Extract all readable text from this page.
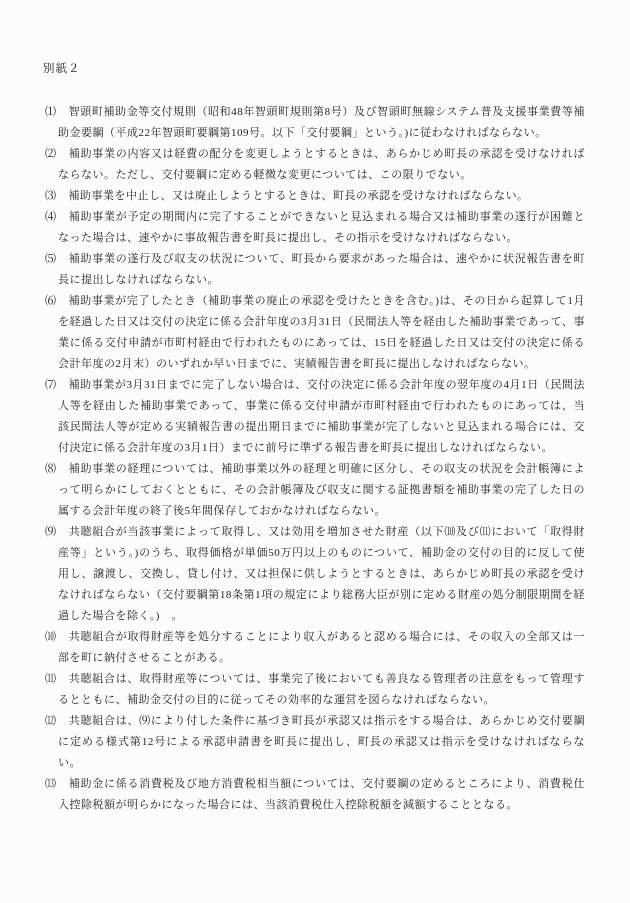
別紙２

⑴ 智頭町補助金等交付規則（昭和48年智頭町規則第8号）及び智頭町無線システム普及支援事業費等補助金要綱（平成22年智頭町要綱第109号。以下「交付要綱」という。)に従わなければならない。

⑵ 補助事業の内容又は経費の配分を変更しようとするときは、あらかじめ町長の承認を受けなければならない。ただし、交付要綱に定める軽微な変更については、この限りでない。

⑶ 補助事業を中止し、又は廃止しようとするときは、町長の承認を受けなければならない。

⑷ 補助事業が予定の期間内に完了することができないと見込まれる場合又は補助事業の遂行が困難となった場合は、速やかに事故報告書を町長に提出し、その指示を受けなければならない。

⑸ 補助事業の遂行及び収支の状況について、町長から要求があった場合は、速やかに状況報告書を町長に提出しなければならない。

⑹ 補助事業が完了したとき（補助事業の廃止の承認を受けたときを含む。)は、その日から起算して1月を経過した日又は交付の決定に係る会計年度の3月31日（民間法人等を経由した補助事業であって、事業に係る交付申請が市町村経由で行われたものにあっては、15日を経過した日又は交付の決定に係る会計年度の2月末）のいずれか早い日までに、実績報告書を町長に提出しなければならない。

⑺ 補助事業が3月31日までに完了しない場合は、交付の決定に係る会計年度の翌年度の4月1日（民間法人等を経由した補助事業であって、事業に係る交付申請が市町村経由で行われたものにあっては、当該民間法人等が定める実績報告書の提出期日までに補助事業が完了しないと見込まれる場合には、交付決定に係る会計年度の3月1日）までに前号に準ずる報告書を町長に提出しなければならない。

⑻ 補助事業の経理については、補助事業以外の経理と明確に区分し、その収支の状況を会計帳簿によって明らかにしておくとともに、その会計帳簿及び収支に関する証拠書類を補助事業の完了した日の属する会計年度の終了後5年間保存しておかなければならない。

⑼ 共聴組合が当該事業によって取得し、又は効用を増加させた財産（以下⑽及び⑾において「取得財産等」という。)のうち、取得価格が単価50万円以上のものについて、補助金の交付の目的に反して使用し、譲渡し、交換し、貸し付け、又は担保に供しようとするときは、あらかじめ町長の承認を受けなければならない（交付要綱第18条第1項の規定により総務大臣が別に定める財産の処分制限期間を経過した場合を除く。)　。

⑽ 共聴組合が取得財産等を処分することにより収入があると認める場合には、その収入の全部又は一部を町に納付させることがある。

⑾ 共聴組合は、取得財産等については、事業完了後においても善良なる管理者の注意をもって管理するとともに、補助金交付の目的に従ってその効率的な運営を図らなければならない。

⑿ 共聴組合は、⑼により付した条件に基づき町長が承認又は指示をする場合は、あらかじめ交付要綱に定める様式第12号による承認申請書を町長に提出し、町長の承認又は指示を受けなければならない。

⒀ 補助金に係る消費税及び地方消費税相当額については、交付要綱の定めるところにより、消費税仕入控除税額が明らかになった場合には、当該消費税仕入控除税額を減額することとなる。
